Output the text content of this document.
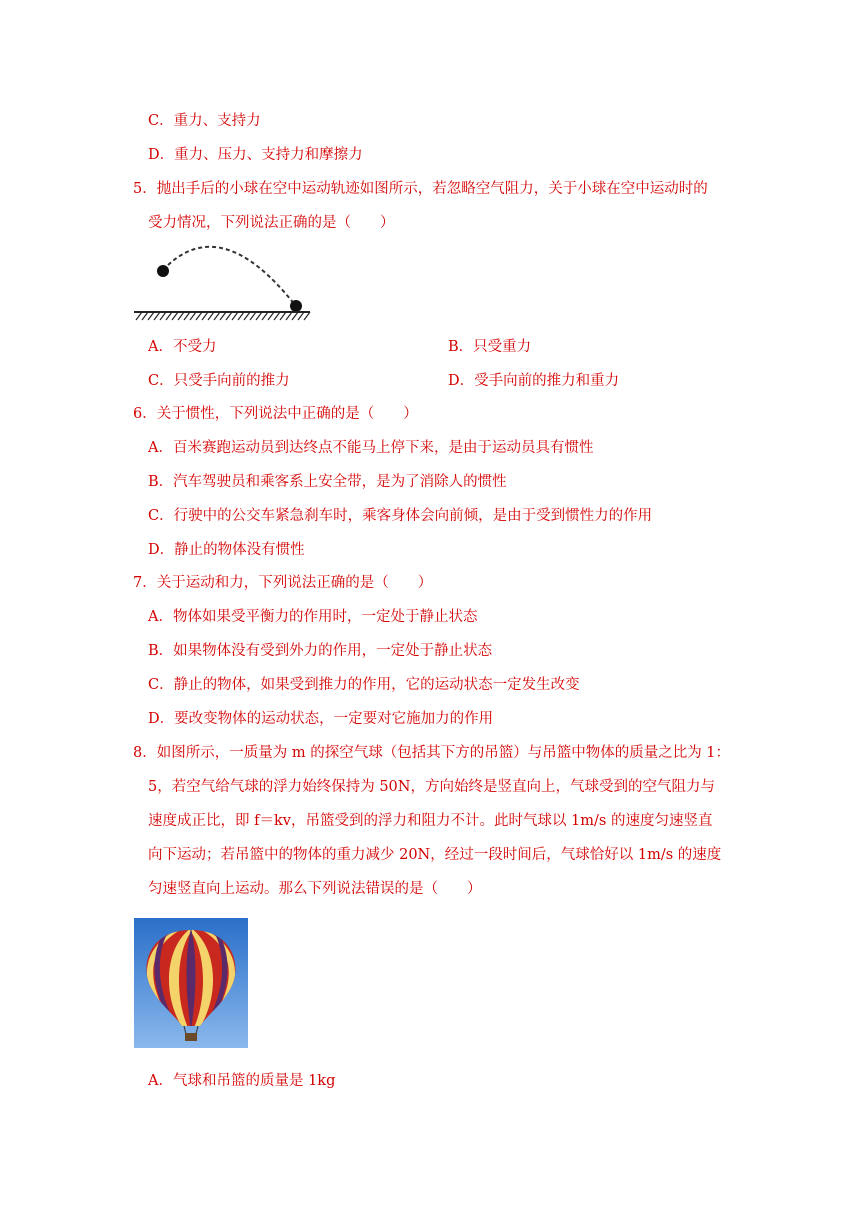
C．重力、支持力
D．重力、压力、支持力和摩擦力
5．抛出手后的小球在空中运动轨迹如图所示，若忽略空气阻力，关于小球在空中运动时的
受力情况，下列说法正确的是（　　）
A．不受力	B．只受重力
C．只受手向前的推力	D．受手向前的推力和重力
6．关于惯性，下列说法中正确的是（　　）
A．百米赛跑运动员到达终点不能马上停下来，是由于运动员具有惯性
B．汽车驾驶员和乘客系上安全带，是为了消除人的惯性
C．行驶中的公交车紧急刹车时，乘客身体会向前倾，是由于受到惯性力的作用
D．静止的物体没有惯性
7．关于运动和力，下列说法正确的是（　　）
A．物体如果受平衡力的作用时，一定处于静止状态
B．如果物体没有受到外力的作用，一定处于静止状态
C．静止的物体，如果受到推力的作用，它的运动状态一定发生改变
D．要改变物体的运动状态，一定要对它施加力的作用
8．如图所示，一质量为 m 的探空气球（包括其下方的吊篮）与吊篮中物体的质量之比为 1：
5，若空气给气球的浮力始终保持为 50N，方向始终是竖直向上，气球受到的空气阻力与
速度成正比，即 f＝kv，吊篮受到的浮力和阻力不计。此时气球以 1m/s 的速度匀速竖直
向下运动；若吊篮中的物体的重力减少 20N，经过一段时间后，气球恰好以 1m/s 的速度
匀速竖直向上运动。那么下列说法错误的是（　　）
A．气球和吊篮的质量是 1kg
